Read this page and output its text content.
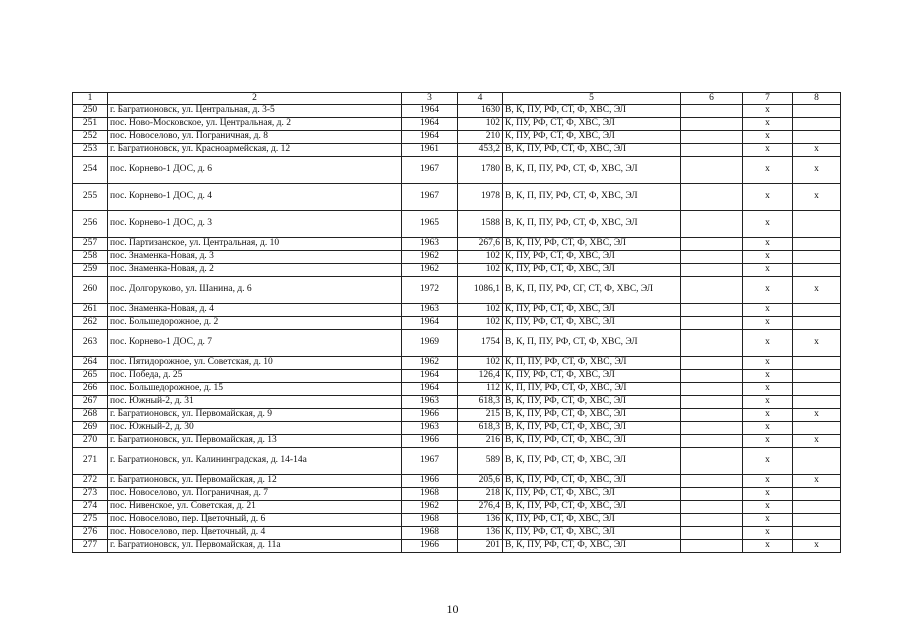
1	2	3	4	5	6	7	8
250	г. Багратионовск, ул. Центральная, д. 3-5	1964	1630	В, К, ПУ, РФ, СТ, Ф, ХВС, ЭЛ		х	
251	пос. Ново-Московское, ул. Центральная, д. 2	1964	102	К, ПУ, РФ, СТ, Ф, ХВС, ЭЛ		х	
252	пос. Новоселово, ул. Пограничная, д. 8	1964	210	К, ПУ, РФ, СТ, Ф, ХВС, ЭЛ		х	
253	г. Багратионовск, ул. Красноармейская, д. 12	1961	453,2	В, К, ПУ, РФ, СТ, Ф, ХВС, ЭЛ		х	х
254	пос. Корнево-1 ДОС, д. 6	1967	1780	В, К, П, ПУ, РФ, СТ, Ф, ХВС, ЭЛ		х	х
255	пос. Корнево-1 ДОС, д. 4	1967	1978	В, К, П, ПУ, РФ, СТ, Ф, ХВС, ЭЛ		х	х
256	пос. Корнево-1 ДОС, д. 3	1965	1588	В, К, П, ПУ, РФ, СТ, Ф, ХВС, ЭЛ		х	
257	пос. Партизанское, ул. Центральная, д. 10	1963	267,6	В, К, ПУ, РФ, СТ, Ф, ХВС, ЭЛ		х	
258	пос. Знаменка-Новая, д. 3	1962	102	К, ПУ, РФ, СТ, Ф, ХВС, ЭЛ		х	
259	пос. Знаменка-Новая, д. 2	1962	102	К, ПУ, РФ, СТ, Ф, ХВС, ЭЛ		х	
260	пос. Долгоруково, ул. Шанина, д. 6	1972	1086,1	В, К, П, ПУ, РФ, СГ, СТ, Ф, ХВС, ЭЛ		х	х
261	пос. Знаменка-Новая, д. 4	1963	102	К, ПУ, РФ, СТ, Ф, ХВС, ЭЛ		х	
262	пос. Большедорожное, д. 2	1964	102	К, ПУ, РФ, СТ, Ф, ХВС, ЭЛ		х	
263	пос. Корнево-1 ДОС, д. 7	1969	1754	В, К, П, ПУ, РФ, СТ, Ф, ХВС, ЭЛ		х	х
264	пос. Пятидорожное, ул. Советская, д. 10	1962	102	К, П, ПУ, РФ, СТ, Ф, ХВС, ЭЛ		х	
265	пос. Победа, д. 25	1964	126,4	К, ПУ, РФ, СТ, Ф, ХВС, ЭЛ		х	
266	пос. Большедорожное, д. 15	1964	112	К, П, ПУ, РФ, СТ, Ф, ХВС, ЭЛ		х	
267	пос. Южный-2, д. 31	1963	618,3	В, К, ПУ, РФ, СТ, Ф, ХВС, ЭЛ		х	
268	г. Багратионовск, ул. Первомайская, д. 9	1966	215	В, К, ПУ, РФ, СТ, Ф, ХВС, ЭЛ		х	х
269	пос. Южный-2, д. 30	1963	618,3	В, К, ПУ, РФ, СТ, Ф, ХВС, ЭЛ		х	
270	г. Багратионовск, ул. Первомайская, д. 13	1966	216	В, К, ПУ, РФ, СТ, Ф, ХВС, ЭЛ		х	х
271	г. Багратионовск, ул. Калининградская, д. 14-14а	1967	589	В, К, ПУ, РФ, СТ, Ф, ХВС, ЭЛ		х	
272	г. Багратионовск, ул. Первомайская, д. 12	1966	205,6	В, К, ПУ, РФ, СТ, Ф, ХВС, ЭЛ		х	х
273	пос. Новоселово, ул. Пограничная, д. 7	1968	218	К, ПУ, РФ, СТ, Ф, ХВС, ЭЛ		х	
274	пос. Нивенское, ул. Советская, д. 21	1962	276,4	В, К, ПУ, РФ, СТ, Ф, ХВС, ЭЛ		х	
275	пос. Новоселово, пер. Цветочный, д. 6	1968	136	К, ПУ, РФ, СТ, Ф, ХВС, ЭЛ		х	
276	пос. Новоселово, пер. Цветочный, д. 4	1968	136	К, ПУ, РФ, СТ, Ф, ХВС, ЭЛ		х	
277	г. Багратионовск, ул. Первомайская, д. 11а	1966	201	В, К, ПУ, РФ, СТ, Ф, ХВС, ЭЛ		х	х
10
